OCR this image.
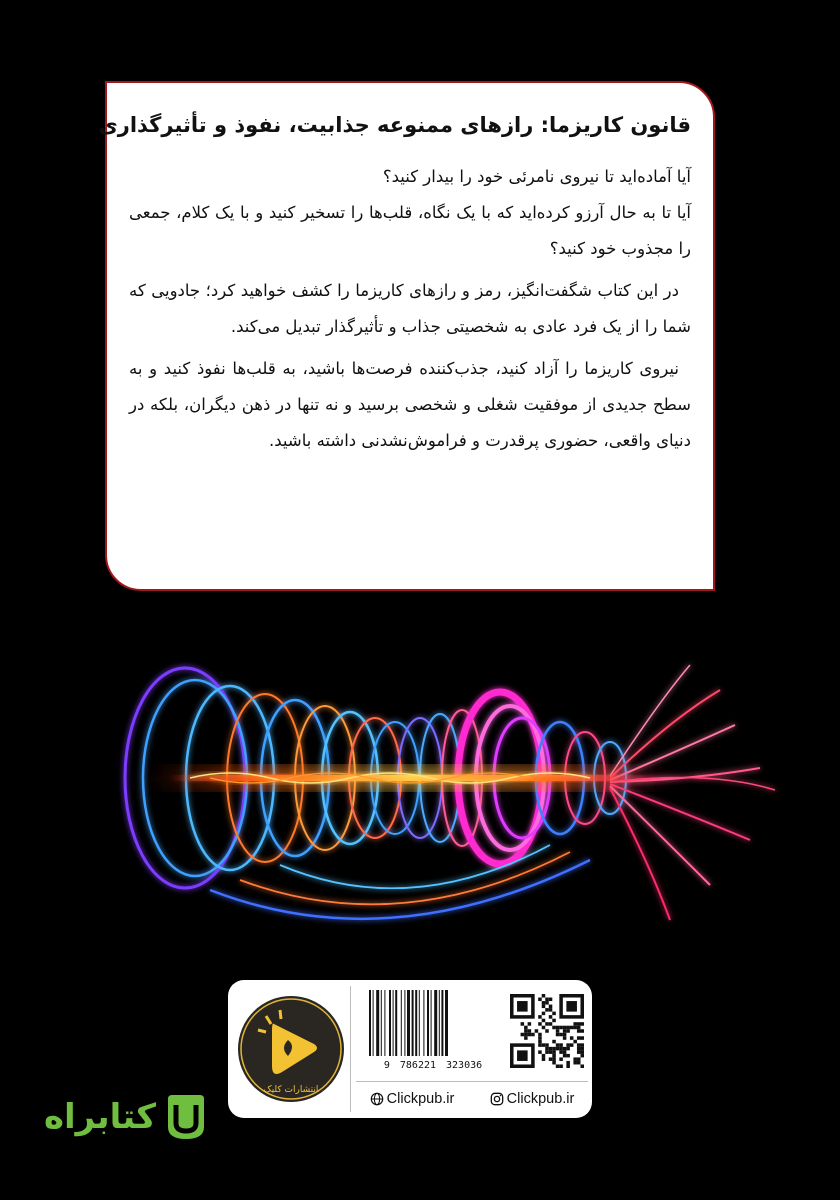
قانون کاریزما: رازهای ممنوعه جذابیت، نفوذ و تأثیرگذاری

آیا آماده‌اید تا نیروی نامرئی خود را بیدار کنید؟

آیا تا به حال آرزو کرده‌اید که با یک نگاه، قلب‌ها را تسخیر کنید و با یک کلام، جمعی را مجذوب خود کنید؟

در این کتاب شگفت‌انگیز، رمز و رازهای کاریزما را کشف خواهید کرد؛ جادویی که شما را از یک فرد عادی به شخصیتی جذاب و تأثیرگذار تبدیل می‌کند.

نیروی کاریزما را آزاد کنید، جذب‌کننده فرصت‌ها باشید، به قلب‌ها نفوذ کنید و به سطح جدیدی از موفقیت شغلی و شخصی برسید و نه تنها در ذهن دیگران، بلکه در دنیای واقعی، حضوری پرقدرت و فراموش‌نشدنی داشته باشید.

انتشارات کلیک
9 786221 323036
Clickpub.ir	Clickpub.ir
کتابراه
